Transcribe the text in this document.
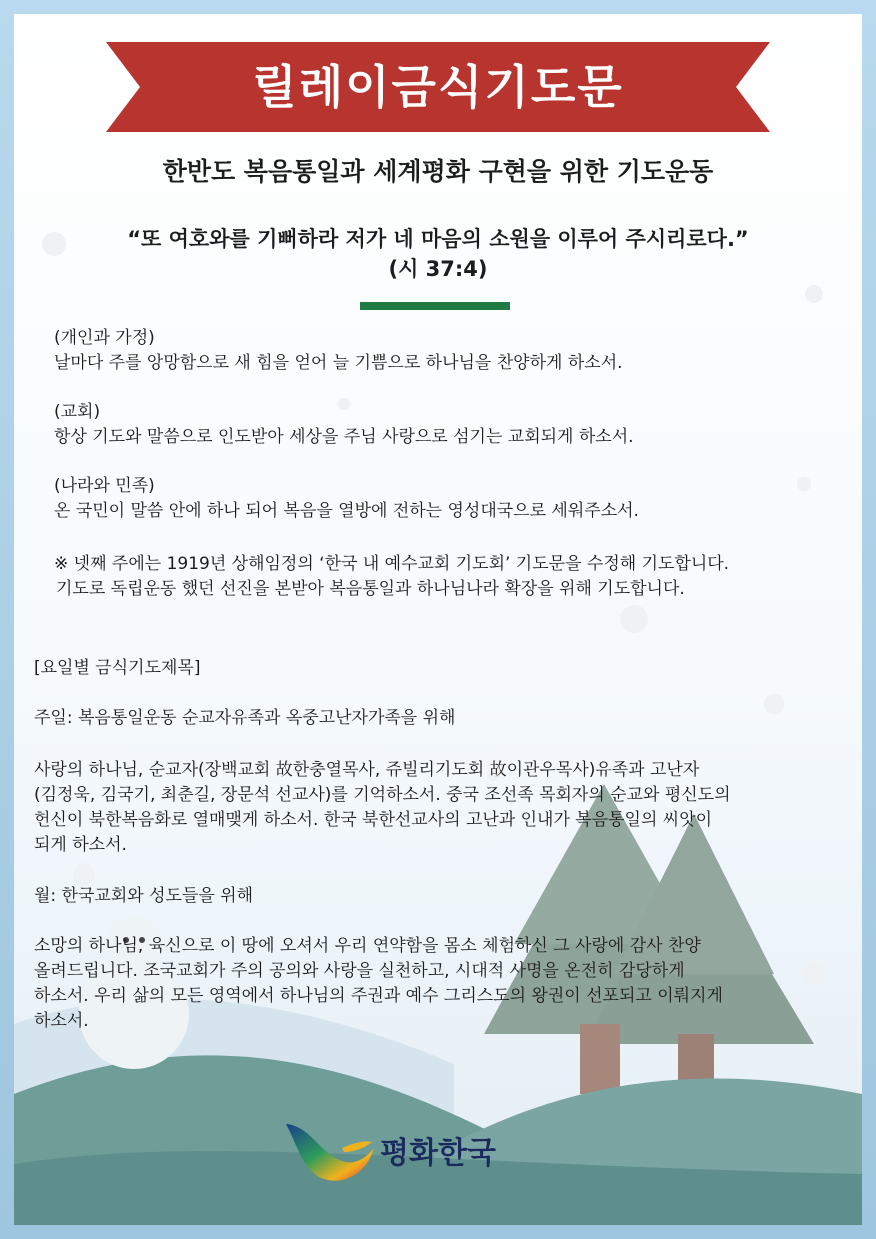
릴레이금식기도문
한반도 복음통일과 세계평화 구현을 위한 기도운동
“또 여호와를 기뻐하라 저가 네 마음의 소원을 이루어 주시리로다.”
(시 37:4)
(개인과 가정)
날마다 주를 앙망함으로 새 힘을 얻어 늘 기쁨으로 하나님을 찬양하게 하소서.
(교회)
항상 기도와 말씀으로 인도받아 세상을 주님 사랑으로 섬기는 교회되게 하소서.
(나라와 민족)
온 국민이 말씀 안에 하나 되어 복음을 열방에 전하는 영성대국으로 세워주소서.
※ 넷째 주에는 1919년 상해임정의 ‘한국 내 예수교회 기도회’ 기도문을 수정해 기도합니다.
기도로 독립운동 했던 선진을 본받아 복음통일과 하나님나라 확장을 위해 기도합니다.
[요일별 금식기도제목]
주일: 복음통일운동 순교자유족과 옥중고난자가족을 위해
사랑의 하나님, 순교자(장백교회 故한충열목사, 쥬빌리기도회 故이관우목사)유족과 고난자
(김정욱, 김국기, 최춘길, 장문석 선교사)를 기억하소서. 중국 조선족 목회자의 순교와 평신도의
헌신이 북한복음화로 열매맺게 하소서. 한국 북한선교사의 고난과 인내가 복음통일의 씨앗이
되게 하소서.
월: 한국교회와 성도들을 위해
소망의 하나님, 육신으로 이 땅에 오셔서 우리 연약함을 몸소 체험하신 그 사랑에 감사 찬양
올려드립니다. 조국교회가 주의 공의와 사랑을 실천하고, 시대적 사명을 온전히 감당하게
하소서. 우리 삶의 모든 영역에서 하나님의 주권과 예수 그리스도의 왕권이 선포되고 이뤄지게
하소서.
평화한국
